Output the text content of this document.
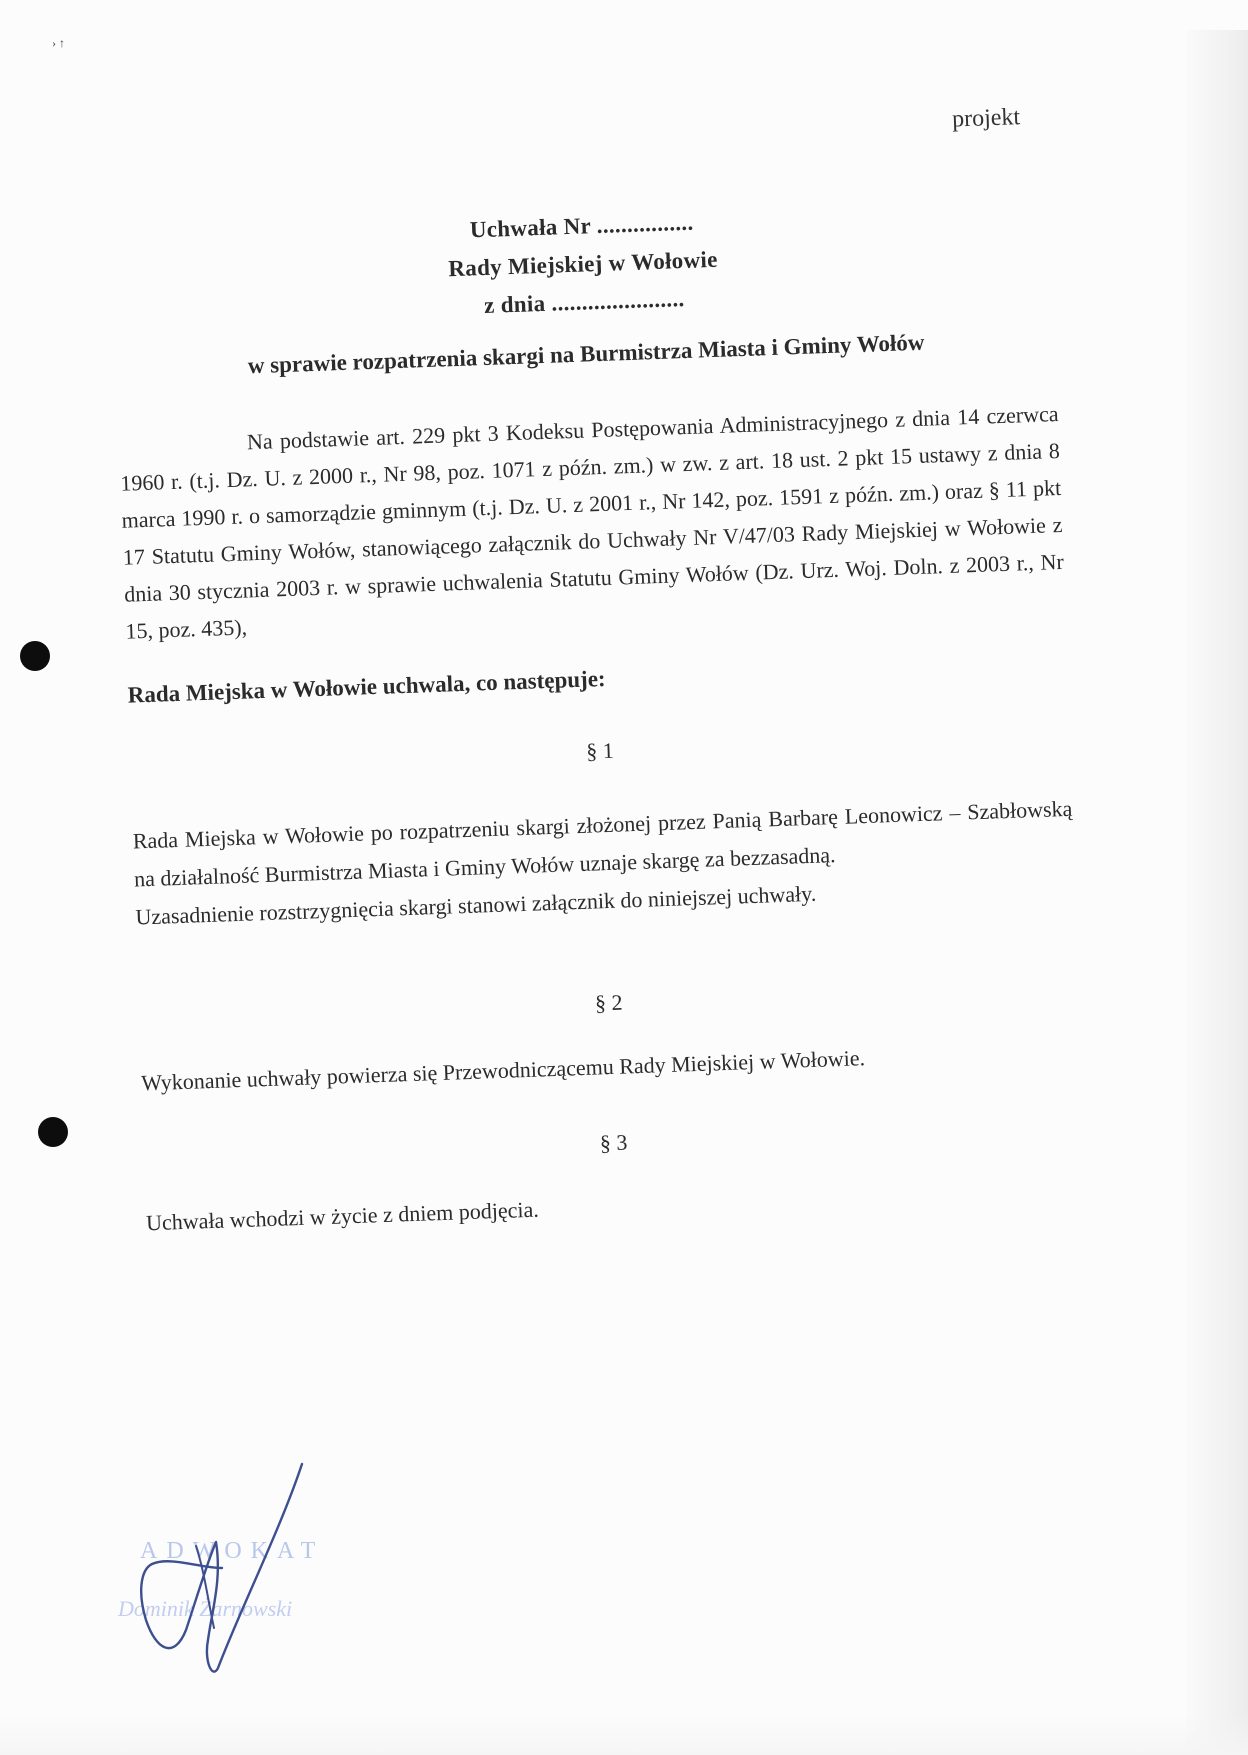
› ↑
projekt
Uchwała Nr ................
Rady Miejskiej w Wołowie
z dnia ......................
w sprawie rozpatrzenia skargi na Burmistrza Miasta i Gminy Wołów
Na podstawie art. 229 pkt 3 Kodeksu Postępowania Administracyjnego z dnia 14 czerwca 1960 r. (t.j. Dz. U. z 2000 r., Nr 98, poz. 1071 z późn. zm.) w zw. z art. 18 ust. 2 pkt 15 ustawy z dnia 8 marca 1990 r. o samorządzie gminnym (t.j. Dz. U. z 2001 r., Nr 142, poz. 1591 z późn. zm.) oraz § 11 pkt 17 Statutu Gminy Wołów, stanowiącego załącznik do Uchwały Nr V/47/03 Rady Miejskiej w Wołowie z dnia 30 stycznia 2003 r. w sprawie uchwalenia Statutu Gminy Wołów (Dz. Urz. Woj. Doln. z 2003 r., Nr 15, poz. 435),
Rada Miejska w Wołowie uchwala, co następuje:
§ 1

Rada Miejska w Wołowie po rozpatrzeniu skargi złożonej przez Panią Barbarę Leonowicz – Szabłowską na działalność Burmistrza Miasta i Gminy Wołów uznaje skargę za bezzasadną.

Uzasadnienie rozstrzygnięcia skargi stanowi załącznik do niniejszej uchwały.

§ 2

Wykonanie uchwały powierza się Przewodniczącemu Rady Miejskiej w Wołowie.

§ 3

Uchwała wchodzi w życie z dniem podjęcia.

ADWOKAT
Dominik Żarnowski
